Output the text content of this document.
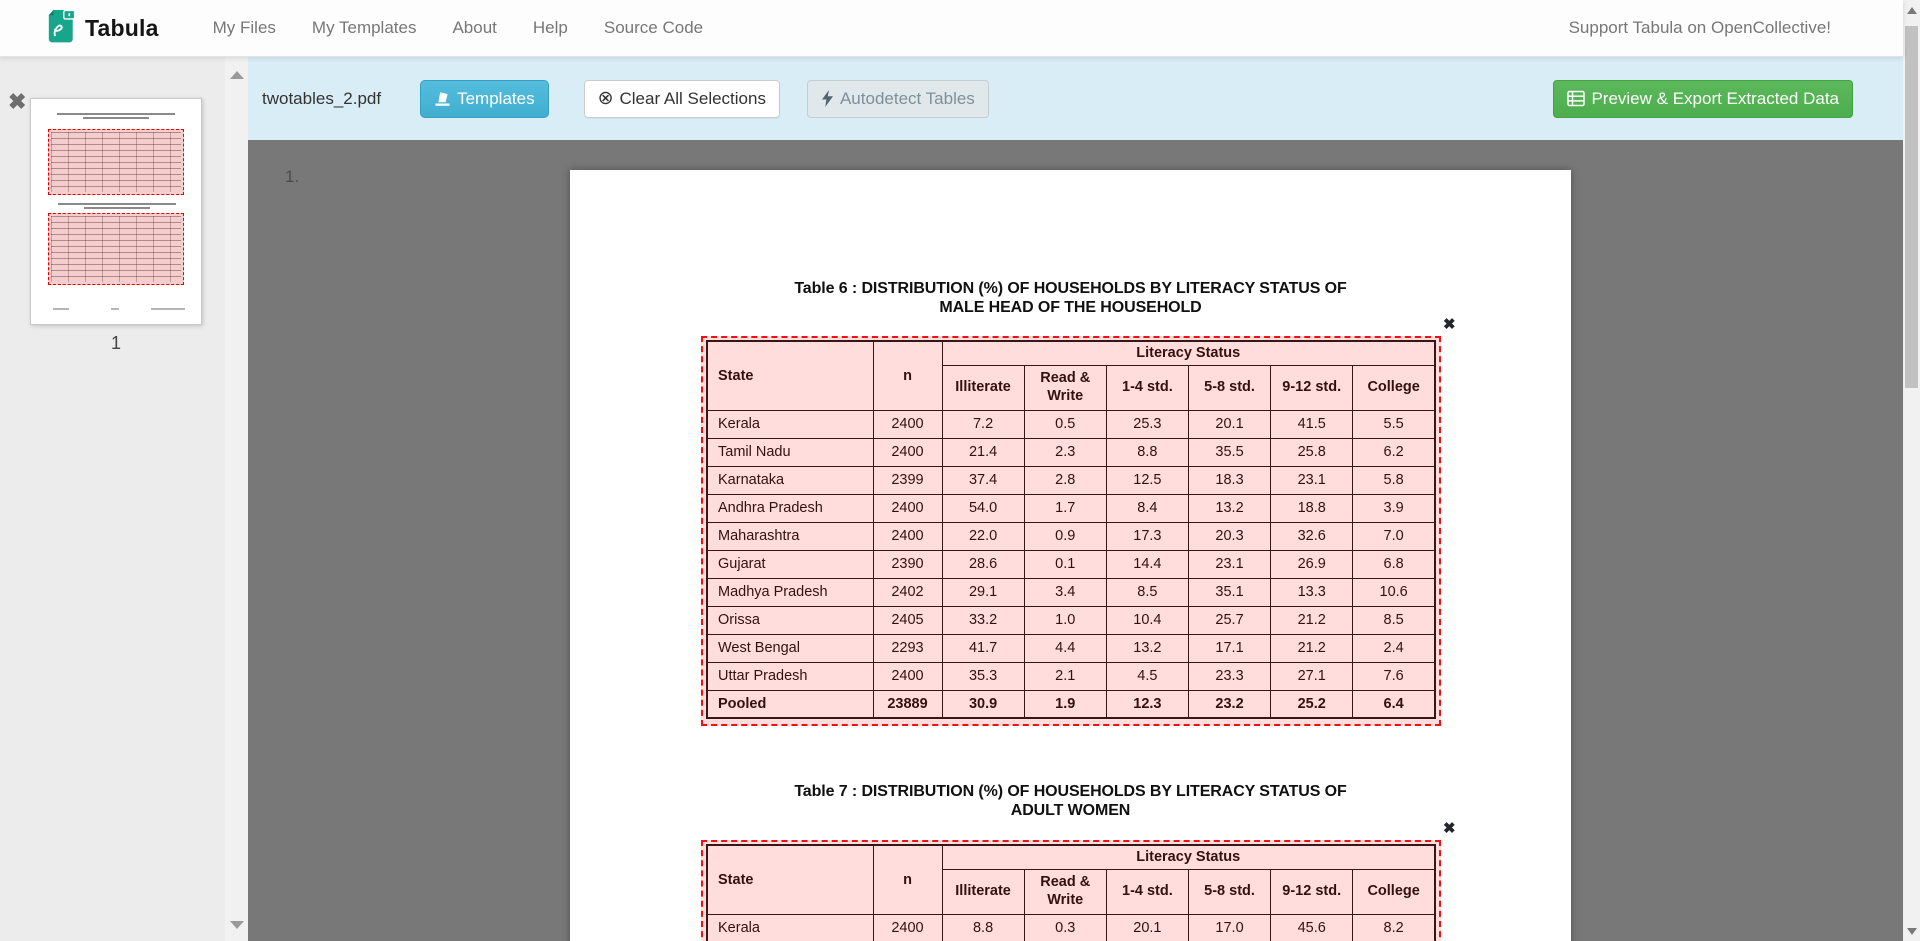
Tabula	My Files	My Templates	About	Help	Source Code	Support Tabula on OpenCollective!
✖
1
twotables_2.pdf	Templates	⊗ Clear All Selections	Autodetect Tables	Preview & Export Extracted Data
1.
Table 6 : DISTRIBUTION (%) OF HOUSEHOLDS BY LITERACY STATUS OF
MALE HEAD OF THE HOUSEHOLD
State	n	Literacy Status					
		Illiterate	Read & Write	1-4 std.	5-8 std.	9-12 std.	College
Kerala	2400	7.2	0.5	25.3	20.1	41.5	5.5
Tamil Nadu	2400	21.4	2.3	8.8	35.5	25.8	6.2
Karnataka	2399	37.4	2.8	12.5	18.3	23.1	5.8
Andhra Pradesh	2400	54.0	1.7	8.4	13.2	18.8	3.9
Maharashtra	2400	22.0	0.9	17.3	20.3	32.6	7.0
Gujarat	2390	28.6	0.1	14.4	23.1	26.9	6.8
Madhya Pradesh	2402	29.1	3.4	8.5	35.1	13.3	10.6
Orissa	2405	33.2	1.0	10.4	25.7	21.2	8.5
West Bengal	2293	41.7	4.4	13.2	17.1	21.2	2.4
Uttar Pradesh	2400	35.3	2.1	4.5	23.3	27.1	7.6
Pooled	23889	30.9	1.9	12.3	23.2	25.2	6.4
Table 7 : DISTRIBUTION (%) OF HOUSEHOLDS BY LITERACY STATUS OF
ADULT WOMEN
State	n	Literacy Status					
		Illiterate	Read & Write	1-4 std.	5-8 std.	9-12 std.	College
Kerala	2400	8.8	0.3	20.1	17.0	45.6	8.2
✖
✖
